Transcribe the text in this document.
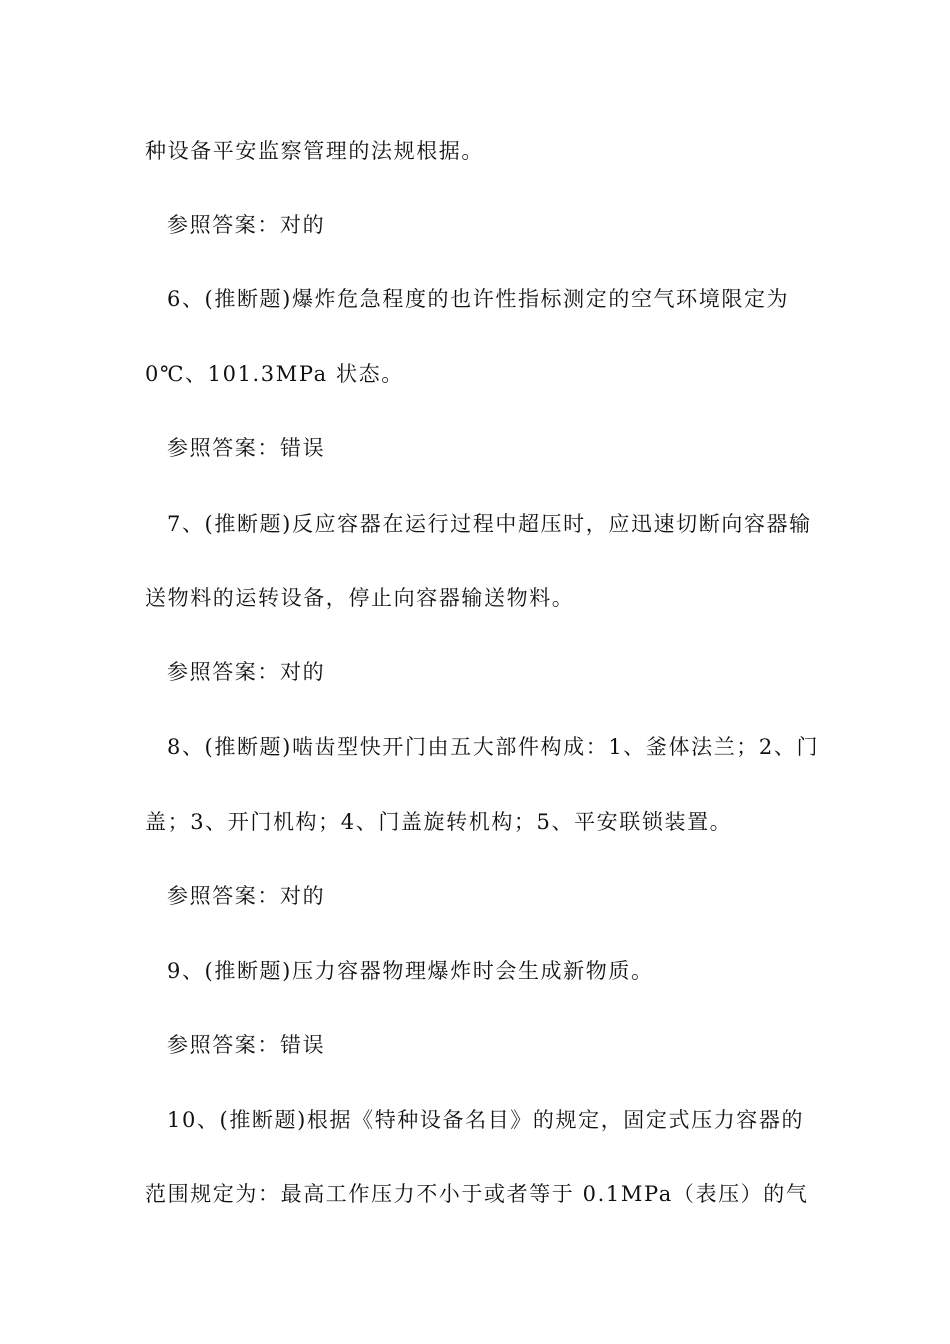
种设备平安监察管理的法规根据。
参照答案：对的
6、(推断题)爆炸危急程度的也许性指标测定的空气环境限定为
0℃、101.3MPa 状态。
参照答案：错误
7、(推断题)反应容器在运行过程中超压时，应迅速切断向容器输
送物料的运转设备，停止向容器输送物料。
参照答案：对的
8、(推断题)啮齿型快开门由五大部件构成：1、釜体法兰；2、门
盖；3、开门机构；4、门盖旋转机构；5、平安联锁装置。
参照答案：对的
9、(推断题)压力容器物理爆炸时会生成新物质。
参照答案：错误
10、(推断题)根据《特种设备名目》的规定，固定式压力容器的
范围规定为：最高工作压力不小于或者等于 0.1MPa（表压）的气
